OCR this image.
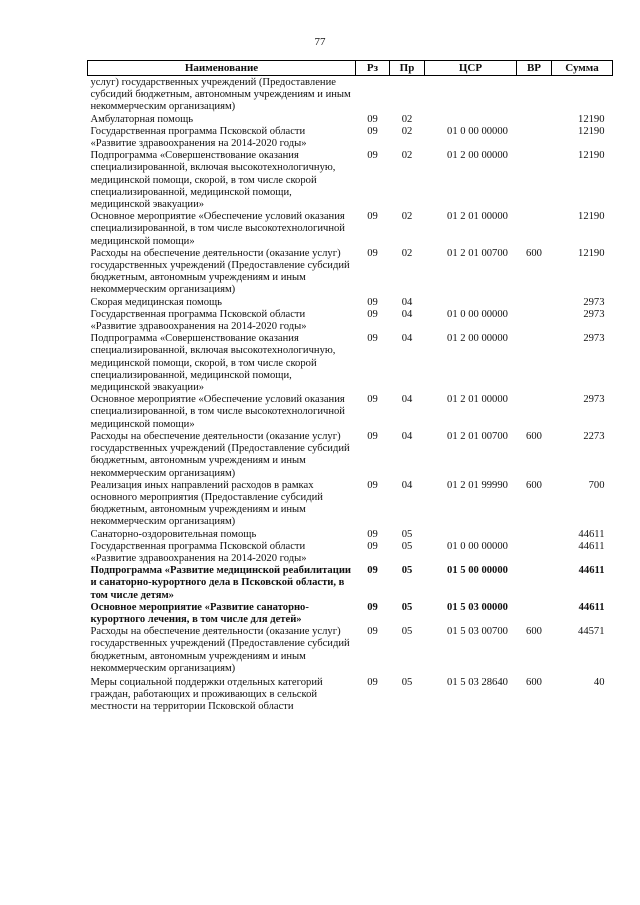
77
Наименование	Рз	Пр	ЦСР	ВР	Сумма
услуг) государственных учреждений (Предоставление субсидий бюджетным, автономным учреждениям и иным некоммерческим организациям)					
Амбулаторная помощь	09	02			12190
Государственная программа Псковской области «Развитие здравоохранения на 2014-2020 годы»	09	02	01 0 00 00000		12190
Подпрограмма «Совершенствование оказания специализированной, включая высокотехнологичную, медицинской помощи, скорой, в том числе скорой специализированной, медицинской помощи, медицинской эвакуации»	09	02	01 2 00 00000		12190
Основное мероприятие «Обеспечение условий оказания специализированной, в том числе высокотехнологичной медицинской помощи»	09	02	01 2 01 00000		12190
Расходы на обеспечение деятельности (оказание услуг) государственных учреждений (Предоставление субсидий бюджетным, автономным учреждениям и иным некоммерческим организациям)	09	02	01 2 01 00700	600	12190
Скорая медицинская помощь	09	04			2973
Государственная программа Псковской области «Развитие здравоохранения на 2014-2020 годы»	09	04	01 0 00 00000		2973
Подпрограмма «Совершенствование оказания специализированной, включая высокотехнологичную, медицинской помощи, скорой, в том числе скорой специализированной, медицинской помощи, медицинской эвакуации»	09	04	01 2 00 00000		2973
Основное мероприятие «Обеспечение условий оказания специализированной, в том числе высокотехнологичной медицинской помощи»	09	04	01 2 01 00000		2973
Расходы на обеспечение деятельности (оказание услуг) государственных учреждений (Предоставление субсидий бюджетным, автономным учреждениям и иным некоммерческим организациям)	09	04	01 2 01 00700	600	2273
Реализация иных направлений расходов в рамках основного мероприятия (Предоставление субсидий бюджетным, автономным учреждениям и иным некоммерческим организациям)	09	04	01 2 01 99990	600	700
Санаторно-оздоровительная помощь	09	05			44611
Государственная программа Псковской области «Развитие здравоохранения на 2014-2020 годы»	09	05	01 0 00 00000		44611
Подпрограмма «Развитие медицинской реабилитации и санаторно-курортного дела в Псковской области, в том числе детям»	09	05	01 5 00 00000		44611
Основное мероприятие «Развитие санаторно-курортного лечения, в том числе для детей»	09	05	01 5 03 00000		44611
Расходы на обеспечение деятельности (оказание услуг) государственных учреждений (Предоставление субсидий бюджетным, автономным учреждениям и иным некоммерческим организациям)	09	05	01 5 03 00700	600	44571
Меры социальной поддержки отдельных категорий граждан, работающих и проживающих в сельской местности на территории Псковской области	09	05	01 5 03 28640	600	40
